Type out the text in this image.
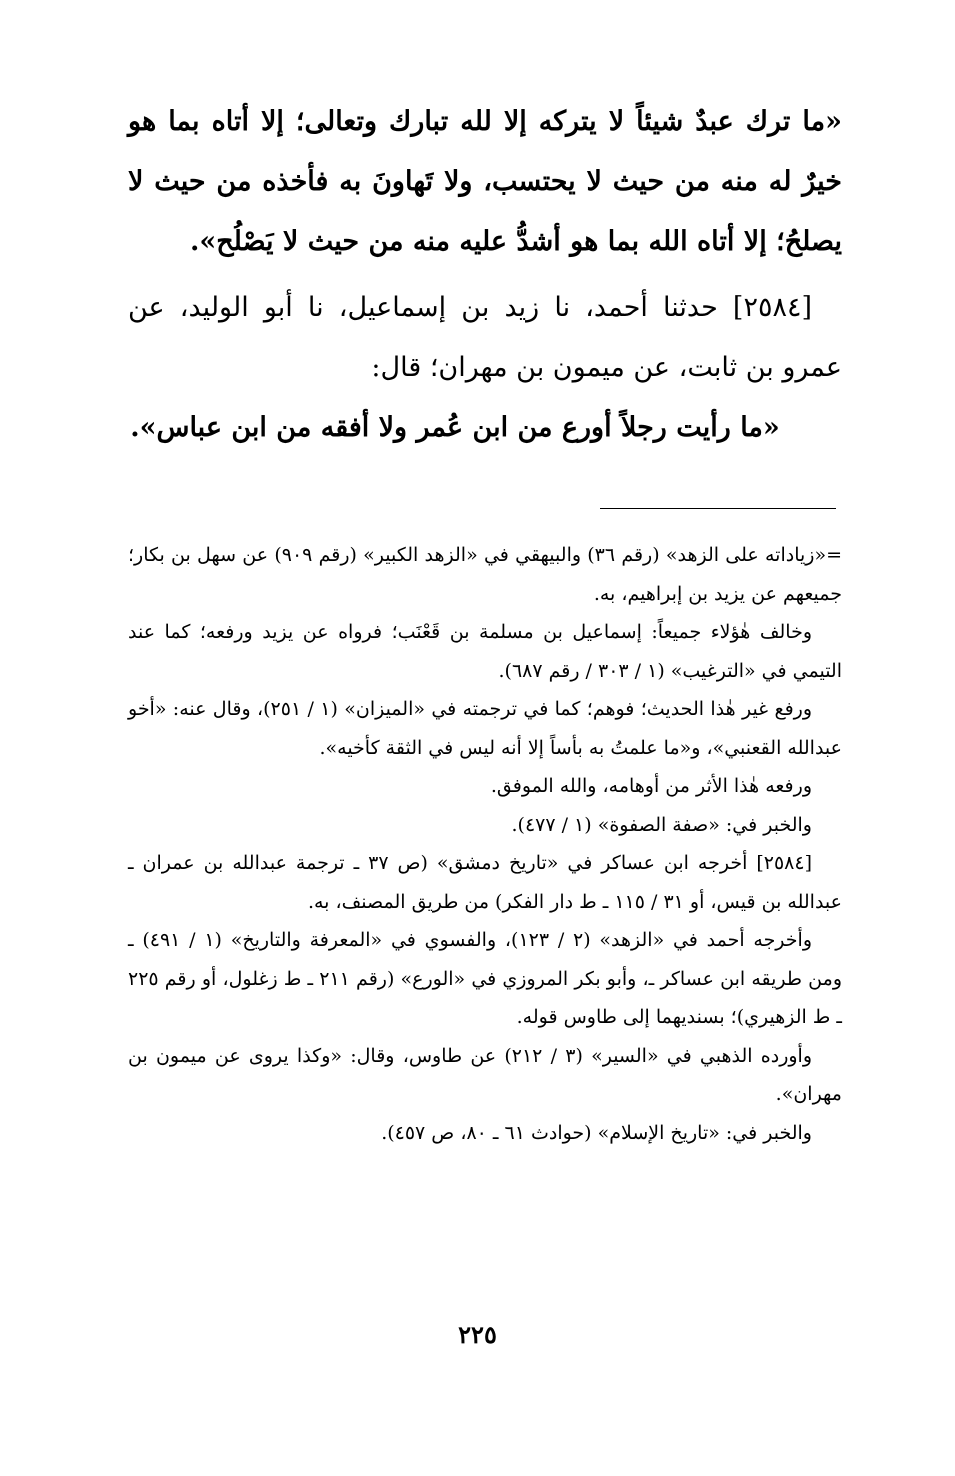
«ما ترك عبدٌ شيئاً لا يتركه إلا لله تبارك وتعالى؛ إلا أتاه بما هو خيرٌ له منه من حيث لا يحتسب، ولا تَهاونَ به فأخذه من حيث لا يصلحُ؛ إلا أتاه الله بما هو أشدُّ عليه منه من حيث لا يَصْلُح».

[٢٥٨٤] حدثنا أحمد، نا زيد بن إسماعيل، نا أبو الوليد، عن عمرو بن ثابت، عن ميمون بن مهران؛ قال:

«ما رأيت رجلاً أورع من ابن عُمر ولا أفقه من ابن عباس».

=«زياداته على الزهد» (رقم ٣٦) والبيهقي في «الزهد الكبير» (رقم ٩٠٩) عن سهل بن بكار؛ جميعهم عن يزيد بن إبراهيم، به.

وخالف هٰؤلاء جميعاً: إسماعيل بن مسلمة بن قَعْنَب؛ فرواه عن يزيد ورفعه؛ كما عند التيمي في «الترغيب» (١ / ٣٠٣ / رقم ٦٨٧).

ورفع غير هٰذا الحديث؛ فوهم؛ كما في ترجمته في «الميزان» (١ / ٢٥١)، وقال عنه: «أخو عبدالله القعنبي»، و«ما علمتُ به بأساً إلا أنه ليس في الثقة كأخيه».

ورفعه هٰذا الأثر من أوهامه، والله الموفق.

والخبر في: «صفة الصفوة» (١ / ٤٧٧).

[٢٥٨٤] أخرجه ابن عساكر في «تاريخ دمشق» (ص ٣٧ ـ ترجمة عبدالله بن عمران ـ عبدالله بن قيس، أو ٣١ / ١١٥ ـ ط دار الفكر) من طريق المصنف، به.

وأخرجه أحمد في «الزهد» (٢ / ١٢٣)، والفسوي في «المعرفة والتاريخ» (١ / ٤٩١) ـ ومن طريقه ابن عساكر ـ، وأبو بكر المروزي في «الورع» (رقم ٢١١ ـ ط زغلول، أو رقم ٢٢٥ ـ ط الزهيري)؛ بسنديهما إلى طاوس قوله.

وأورده الذهبي في «السير» (٣ / ٢١٢) عن طاوس، وقال: «وكذا يروى عن ميمون بن مهران».

والخبر في: «تاريخ الإسلام» (حوادث ٦١ ـ ٨٠، ص ٤٥٧).

٢٢٥
